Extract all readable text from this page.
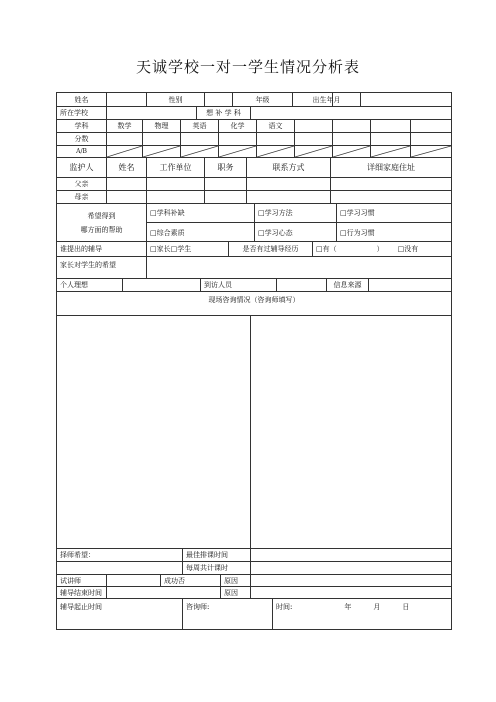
天诚学校一对一学生情况分析表
姓名	性别	年级	出生年月
所在学校	想 补 学 科
学科	数学	物理	英语	化学	语文
分数
A/B
监护人	姓名	工作单位	职务	联系方式	详细家庭住址
父亲
母亲
希望得到
哪方面的帮助
□学科补缺	□学习方法	□学习习惯
□综合素质	□学习心态	□行为习惯
谁提出的辅导	□家长□学生	是否有过辅导经历	□有（	） □没有
家长对学生的希望
个人理想	到访人员	信息来源
现场咨询情况（咨询师填写）
择师希望：	最佳排课时间
每周共计课时
试讲师	成功否	原因
辅导结束时间	原因
辅导起止时间	咨询师:	时间:	年	月	日
